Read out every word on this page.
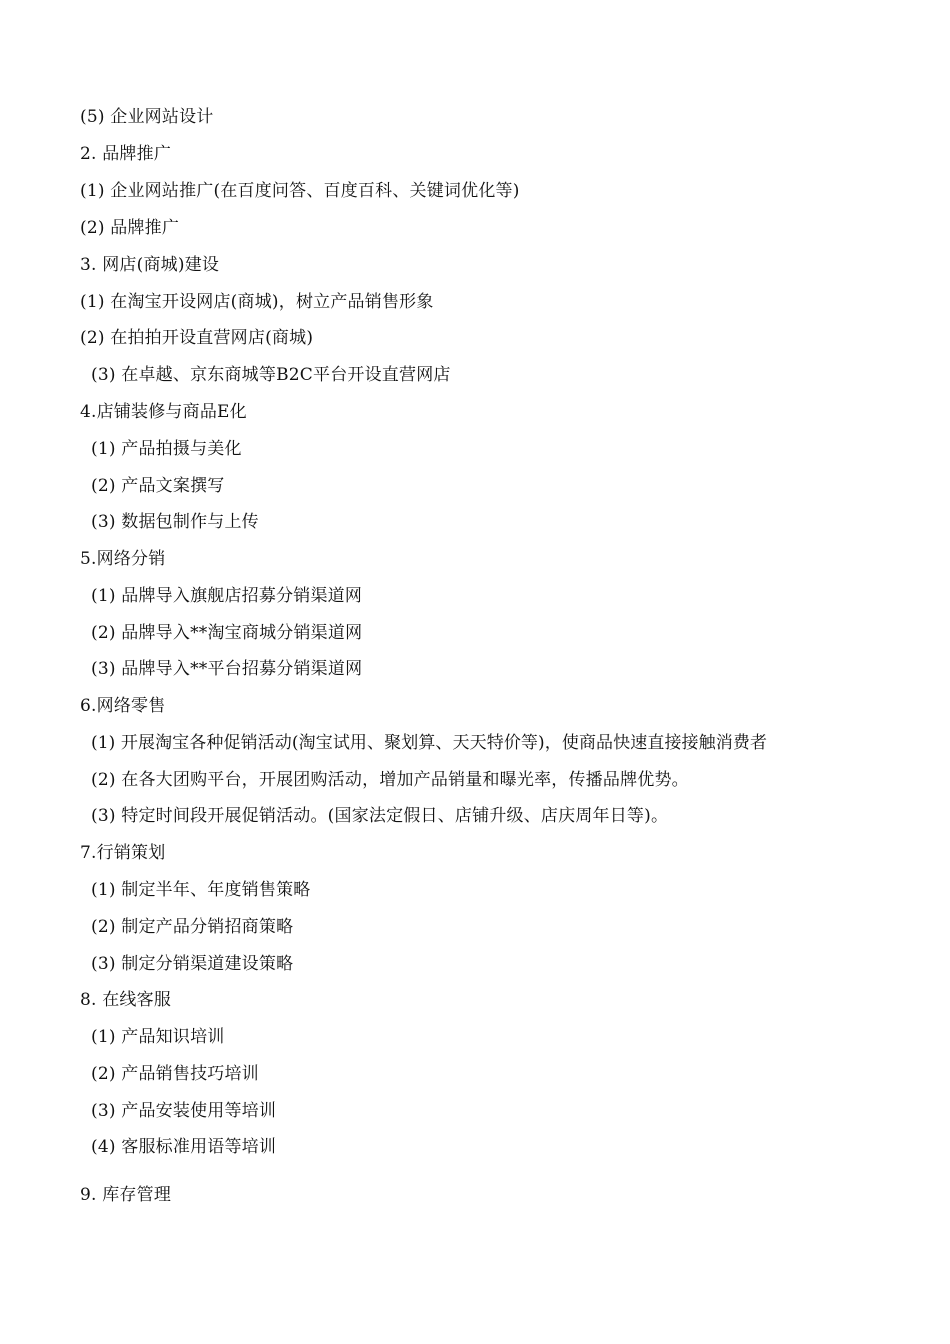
(5) 企业网站设计
2. 品牌推广
(1) 企业网站推广(在百度问答、百度百科、关键词优化等)
(2) 品牌推广
3. 网店(商城)建设
(1) 在淘宝开设网店(商城)，树立产品销售形象
(2) 在拍拍开设直营网店(商城)
(3) 在卓越、京东商城等B2C平台开设直营网店
4.店铺装修与商品E化
(1) 产品拍摄与美化
(2) 产品文案撰写
(3) 数据包制作与上传
5.网络分销
(1) 品牌导入旗舰店招募分销渠道网
(2) 品牌导入**淘宝商城分销渠道网
(3) 品牌导入**平台招募分销渠道网
6.网络零售
(1) 开展淘宝各种促销活动(淘宝试用、聚划算、天天特价等)，使商品快速直接接触消费者
(2) 在各大团购平台，开展团购活动，增加产品销量和曝光率，传播品牌优势。
(3) 特定时间段开展促销活动。(国家法定假日、店铺升级、店庆周年日等)。
7.行销策划
(1) 制定半年、年度销售策略
(2) 制定产品分销招商策略
(3) 制定分销渠道建设策略
8. 在线客服
(1) 产品知识培训
(2) 产品销售技巧培训
(3) 产品安装使用等培训
(4) 客服标准用语等培训
9. 库存管理
